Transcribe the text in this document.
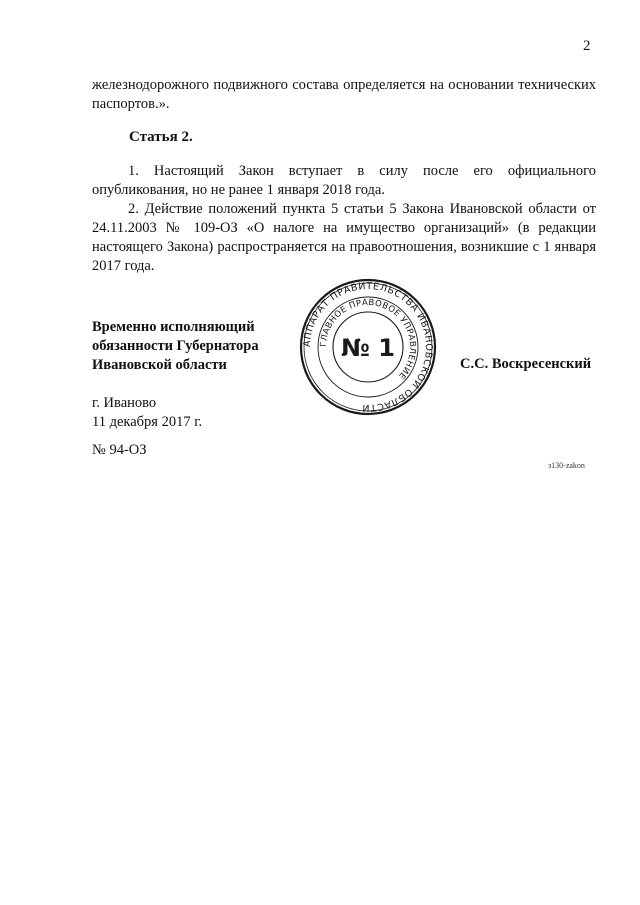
2
железнодорожного подвижного состава определяется на основании технических паспортов.».
Статья 2.
1. Настоящий Закон вступает в силу после его официального опубликования, но не ранее 1 января 2018 года.
2. Действие положений пункта 5 статьи 5 Закона Ивановской области от 24.11.2003 № 109-ОЗ «О налоге на имущество организаций» (в редакции настоящего Закона) распространяется на правоотношения, возникшие с 1 января 2017 года.
Временно исполняющий
обязанности Губернатора
Ивановской области
АППАРАТ ПРАВИТЕЛЬСТВА ИВАНОВСКОЙ ОБЛАСТИ
ГЛАВНОЕ ПРАВОВОЕ УПРАВЛЕНИЕ
№ 1
С.С. Воскресенский
г. Иваново
11 декабря 2017 г.
№ 94-ОЗ
з130-zakon
